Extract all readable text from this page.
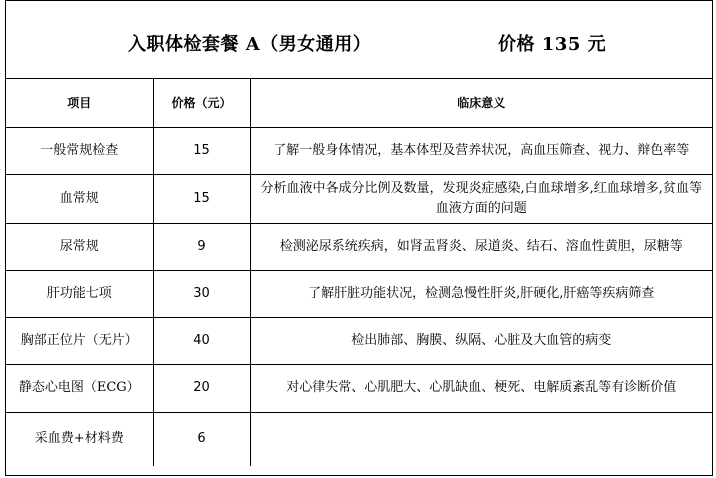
入职体检套餐 A（男女通用）	价格 135 元
项目	价格（元）	临床意义
一般常规检查	15	了解一般身体情况，基本体型及营养状况，高血压筛查、视力、辩色率等
血常规	15	分析血液中各成分比例及数量，发现炎症感染,白血球增多,红血球增多,贫血等血液方面的问题
尿常规	9	检测泌尿系统疾病，如肾盂肾炎、尿道炎、结石、溶血性黄胆，尿糖等
肝功能七项	30	了解肝脏功能状况，检测急慢性肝炎,肝硬化,肝癌等疾病筛查
胸部正位片（无片）	40	检出肺部、胸膜、纵隔、心脏及大血管的病变
静态心电图（ECG）	20	对心律失常、心肌肥大、心肌缺血、梗死、电解质紊乱等有诊断价值
采血费+材料费	6	
